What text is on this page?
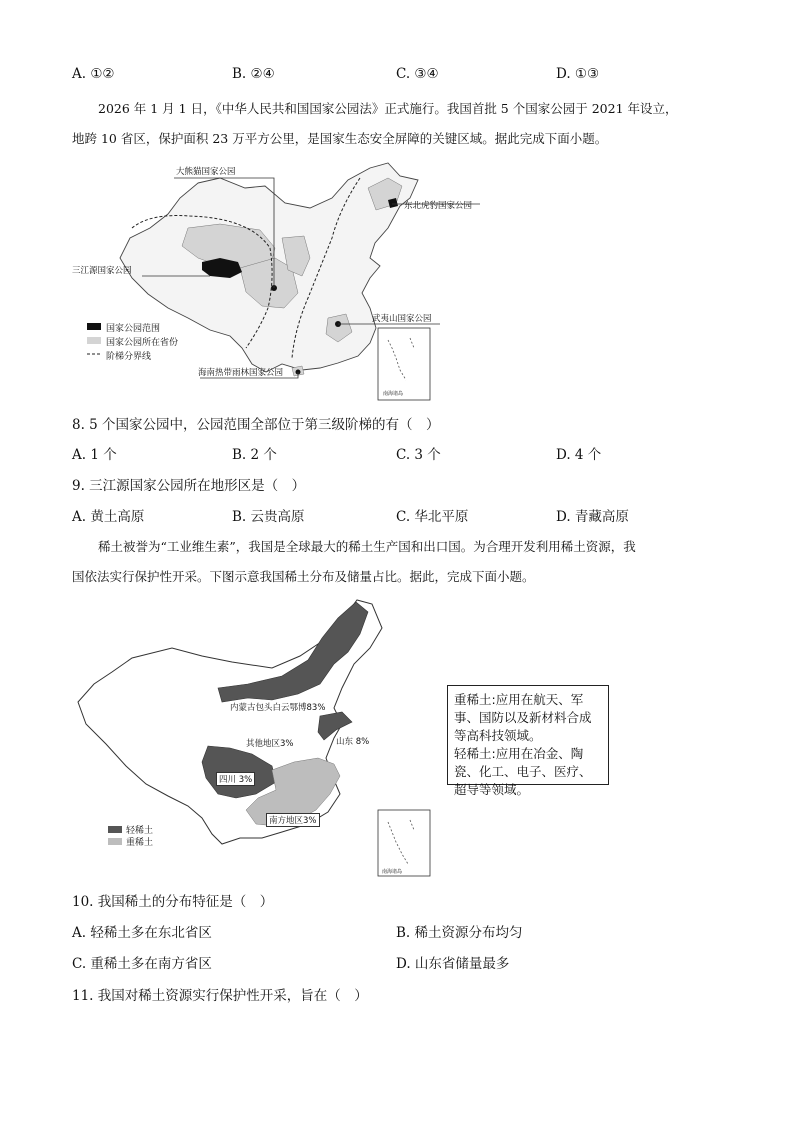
A. ①②	B. ②④	C. ③④	D. ①③

2026 年 1 月 1 日，《中华人民共和国国家公园法》正式施行。我国首批 5 个国家公园于 2021 年设立，

地跨 10 省区，保护面积 23 万平方公里，是国家生态安全屏障的关键区域。据此完成下面小题。

大熊猫国家公园
东北虎豹国家公园
三江源国家公园
武夷山国家公园
海南热带雨林国家公园
南海诸岛
国家公园范围
国家公园所在省份
阶梯分界线
8. 5 个国家公园中，公园范围全部位于第三级阶梯的有（　）
A. 1 个	B. 2 个	C. 3 个	D. 4 个
9. 三江源国家公园所在地形区是（　）
A. 黄土高原	B. 云贵高原	C. 华北平原	D. 青藏高原

稀土被誉为“工业维生素”，我国是全球最大的稀土生产国和出口国。为合理开发利用稀土资源，我

国依法实行保护性开采。下图示意我国稀土分布及储量占比。据此，完成下面小题。

内蒙古包头白云鄂博83%
其他地区3%	山东 8%
四川 3%
南方地区3%
南海诸岛
轻稀土
重稀土

重稀土:应用在航天、军事、国防以及新材料合成等高科技领域。

轻稀土:应用在冶金、陶瓷、化工、电子、医疗、超导等领域。

10. 我国稀土的分布特征是（　）
A. 轻稀土多在东北省区	B. 稀土资源分布均匀
C. 重稀土多在南方省区	D. 山东省储量最多
11. 我国对稀土资源实行保护性开采，旨在（　）
